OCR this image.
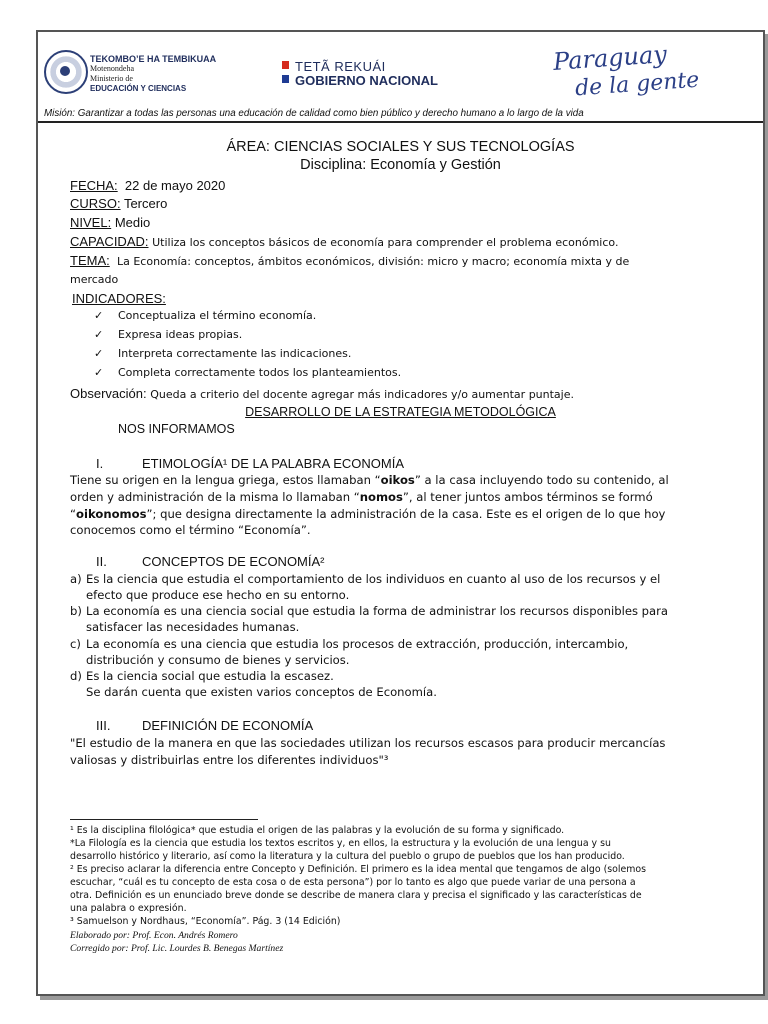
TEKOMBO’E HA TEMBIKUAA
Motenondeha
Ministerio de
EDUCACIÓN Y CIENCIAS
TETÃ REKUÁI
GOBIERNO NACIONAL
Paraguay
de la gente
Misión: Garantizar a todas las personas una educación de calidad como bien público y derecho humano a lo largo de la vida
ÁREA: CIENCIAS SOCIALES Y SUS TECNOLOGÍAS
Disciplina: Economía y Gestión
FECHA: 22 de mayo 2020
CURSO: Tercero
NIVEL: Medio
CAPACIDAD: Utiliza los conceptos básicos de economía para comprender el problema económico.
TEMA: La Economía: conceptos, ámbitos económicos, división: micro y macro; economía mixta y de
mercado
INDICADORES:
✓ Conceptualiza el término economía.
✓ Expresa ideas propias.
✓ Interpreta correctamente las indicaciones.
✓ Completa correctamente todos los planteamientos.
Observación: Queda a criterio del docente agregar más indicadores y/o aumentar puntaje.
DESARROLLO DE LA ESTRATEGIA METODOLÓGICA
NOS INFORMAMOS
I.	ETIMOLOGÍA¹ DE LA PALABRA ECONOMÍA
Tiene su origen en la lengua griega, estos llamaban “oikos” a la casa incluyendo todo su contenido, al
orden y administración de la misma lo llamaban “nomos”, al tener juntos ambos términos se formó
“oikonomos”; que designa directamente la administración de la casa. Este es el origen de lo que hoy
conocemos como el término “Economía”.
II.	CONCEPTOS DE ECONOMÍA²
a) Es la ciencia que estudia el comportamiento de los individuos en cuanto al uso de los recursos y el
efecto que produce ese hecho en su entorno.
b) La economía es una ciencia social que estudia la forma de administrar los recursos disponibles para
satisfacer las necesidades humanas.
c) La economía es una ciencia que estudia los procesos de extracción, producción, intercambio,
distribución y consumo de bienes y servicios.
d) Es la ciencia social que estudia la escasez.
Se darán cuenta que existen varios conceptos de Economía.
III. DEFINICIÓN DE ECONOMÍA
"El estudio de la manera en que las sociedades utilizan los recursos escasos para producir mercancías
valiosas y distribuirlas entre los diferentes individuos"³
¹ Es la disciplina filológica* que estudia el origen de las palabras y la evolución de su forma y significado.
*La Filología es la ciencia que estudia los textos escritos y, en ellos, la estructura y la evolución de una lengua y su
desarrollo histórico y literario, así como la literatura y la cultura del pueblo o grupo de pueblos que los han producido.
² Es preciso aclarar la diferencia entre Concepto y Definición. El primero es la idea mental que tengamos de algo (solemos
escuchar, “cuál es tu concepto de esta cosa o de esta persona”) por lo tanto es algo que puede variar de una persona a
otra. Definición es un enunciado breve donde se describe de manera clara y precisa el significado y las características de
una palabra o expresión.
³ Samuelson y Nordhaus, “Economía”. Pág. 3 (14 Edición)
Elaborado por: Prof. Econ. Andrés Romero
Corregido por: Prof. Lic. Lourdes B. Benegas Martínez
